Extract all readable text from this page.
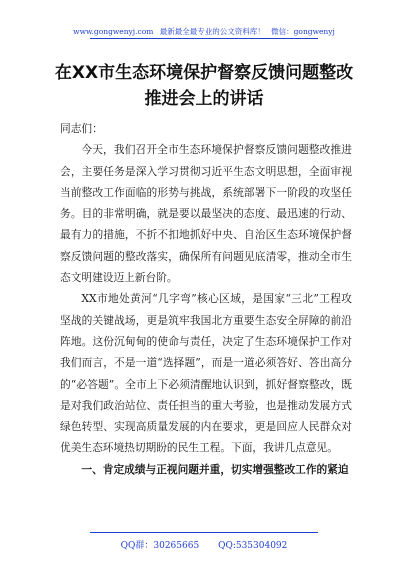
www.gongwenyj.com 最新最全最专业的公文资料库！ 微信：gongwenyj
在XX市生态环境保护督察反馈问题整改
推进会上的讲话

同志们：

今天，我们召开全市生态环境保护督察反馈问题整改推进会，主要任务是深入学习贯彻习近平生态文明思想，全面审视当前整改工作面临的形势与挑战，系统部署下一阶段的攻坚任务。目的非常明确，就是要以最坚决的态度、最迅速的行动、最有力的措施，不折不扣地抓好中央、自治区生态环境保护督察反馈问题的整改落实，确保所有问题见底清零，推动全市生态文明建设迈上新台阶。

XX市地处黄河“几字弯”核心区域，是国家“三北”工程攻坚战的关键战场，更是筑牢我国北方重要生态安全屏障的前沿阵地。这份沉甸甸的使命与责任，决定了生态环境保护工作对我们而言，不是一道“选择题”，而是一道必须答好、答出高分的“必答题”。全市上下必须清醒地认识到，抓好督察整改，既是对我们政治站位、责任担当的重大考验，也是推动发展方式绿色转型、实现高质量发展的内在要求，更是回应人民群众对优美生态环境热切期盼的民生工程。下面，我讲几点意见。

一、肯定成绩与正视问题并重，切实增强整改工作的紧迫

QQ群：30265665 QQ:535304092
